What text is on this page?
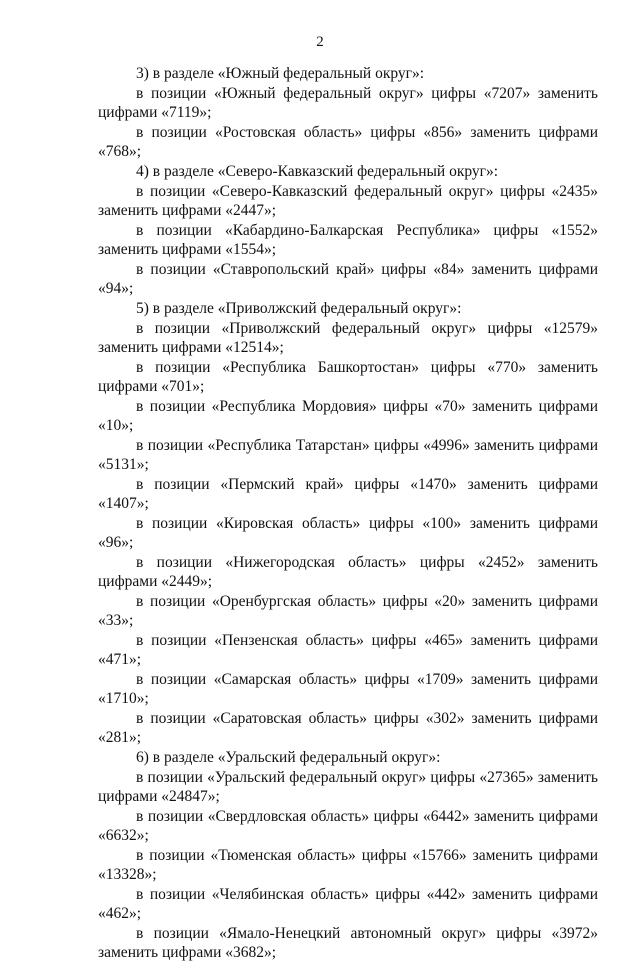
2

3) в разделе «Южный федеральный округ»:

в позиции «Южный федеральный округ» цифры «7207» заменить цифрами «7119»;

в позиции «Ростовская область» цифры «856» заменить цифрами «768»;

4) в разделе «Северо-Кавказский федеральный округ»:

в позиции «Северо-Кавказский федеральный округ» цифры «2435» заменить цифрами «2447»;

в позиции «Кабардино-Балкарская Республика» цифры «1552» заменить цифрами «1554»;

в позиции «Ставропольский край» цифры «84» заменить цифрами «94»;

5) в разделе «Приволжский федеральный округ»:

в позиции «Приволжский федеральный округ» цифры «12579» заменить цифрами «12514»;

в позиции «Республика Башкортостан» цифры «770» заменить цифрами «701»;

в позиции «Республика Мордовия» цифры «70» заменить цифрами «10»;

в позиции «Республика Татарстан» цифры «4996» заменить цифрами «5131»;

в позиции «Пермский край» цифры «1470» заменить цифрами «1407»;

в позиции «Кировская область» цифры «100» заменить цифрами «96»;

в позиции «Нижегородская область» цифры «2452» заменить цифрами «2449»;

в позиции «Оренбургская область» цифры «20» заменить цифрами «33»;

в позиции «Пензенская область» цифры «465» заменить цифрами «471»;

в позиции «Самарская область» цифры «1709» заменить цифрами «1710»;

в позиции «Саратовская область» цифры «302» заменить цифрами «281»;

6) в разделе «Уральский федеральный округ»:

в позиции «Уральский федеральный округ» цифры «27365» заменить цифрами «24847»;

в позиции «Свердловская область» цифры «6442» заменить цифрами «6632»;

в позиции «Тюменская область» цифры «15766» заменить цифрами «13328»;

в позиции «Челябинская область» цифры «442» заменить цифрами «462»;

в позиции «Ямало-Ненецкий автономный округ» цифры «3972» заменить цифрами «3682»;
